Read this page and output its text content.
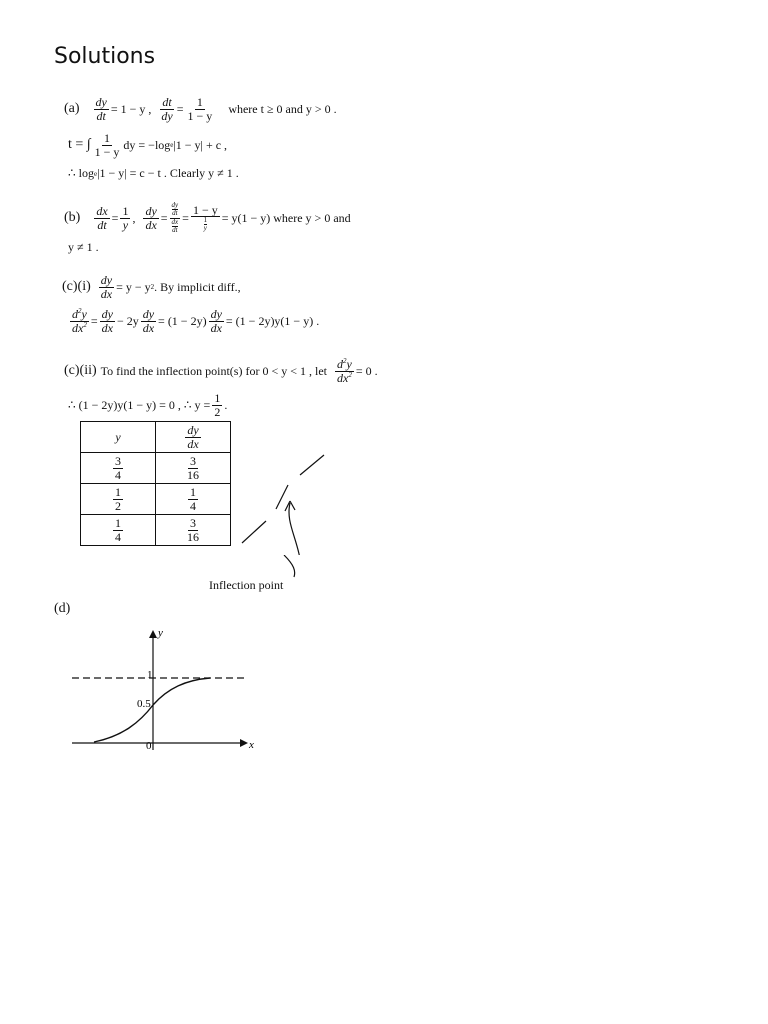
Solutions
$(a) \frac{dy}{dt} = 1 - y$ , $\frac{dt}{dy} = \frac{1}{1 - y}$ where t ≥ 0 and y > 0 .
t = ∫ $\frac{1}{1 - y}$ dy = −log e |1 − y| + c ,
∴ log e |1 − y| = c − t . Clearly y ≠ 1 .
$(b) \frac{dx}{dt} = \frac{1}{y}$ , $\frac{dy}{dx}$ = dy
dt
dx
dt = 1 − y
1
y = y(1 − y) where y > 0 and
y ≠ 1 .
$(c)(i) \frac{dy}{dx} = y - y$ 2 . By implicit diff.,
$\frac{d^2y}{dx^2} = \frac{dy}{dx} - 2y \frac{dy}{dx} = (1 - 2y) \frac{dy}{dx} = (1 - 2y)y(1 - y)$ .
(c)(ii) To find the inflection point(s) for 0 < y < 1 , let $\frac{d^2y}{dx^2} = 0$ .
∴ (1 − 2y)y(1 − y) = 0 , ∴ $y = \frac{1}{2}$ .
y	$\frac{dy}{dx}$

$\frac{3}{4}$	$\frac{3}{16}$

$\frac{1}{2}$	$\frac{1}{4}$

$\frac{1}{4}$	$\frac{3}{16}$
Inflection point
(d)
y
x
1
0.5
0
